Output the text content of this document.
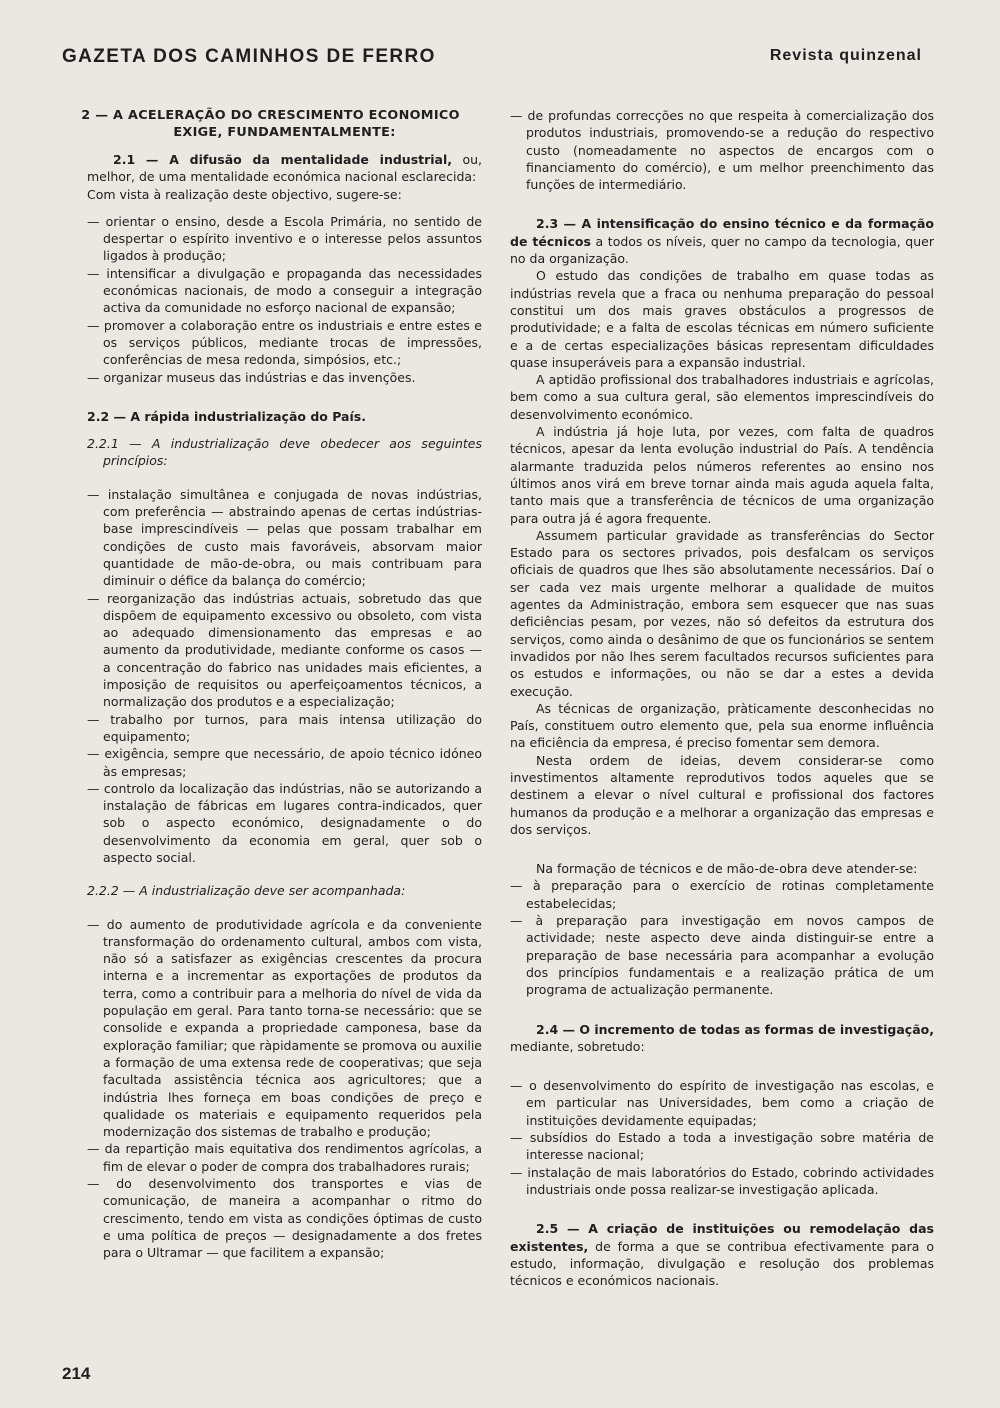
GAZETA DOS CAMINHOS DE FERRO	Revista quinzenal
2 — A ACELERAÇÃO DO CRESCIMENTO ECONOMICO
EXIGE, FUNDAMENTALMENTE:

2.1 — A difusão da mentalidade industrial, ou, melhor, de uma mentalidade económica nacional esclarecida:

Com vista à realização deste objectivo, sugere-se:

— orientar o ensino, desde a Escola Primária, no sentido de despertar o espírito inventivo e o interesse pelos assuntos ligados à produção;

— intensificar a divulgação e propaganda das necessidades económicas nacionais, de modo a conseguir a integração activa da comunidade no esforço nacional de expansão;

— promover a colaboração entre os industriais e entre estes e os serviços públicos, mediante trocas de impressões, conferências de mesa redonda, simpósios, etc.;

— organizar museus das indústrias e das invenções.

2.2 — A rápida industrialização do País.

2.2.1 — A industrialização deve obedecer aos seguintes princípios:

— instalação simultânea e conjugada de novas indústrias, com preferência — abstraindo apenas de certas indústrias-base imprescindíveis — pelas que possam trabalhar em condições de custo mais favoráveis, absorvam maior quantidade de mão-de-obra, ou mais contribuam para diminuir o défice da balança do comércio;

— reorganização das indústrias actuais, sobretudo das que dispõem de equipamento excessivo ou obsoleto, com vista ao adequado dimensionamento das empresas e ao aumento da produtividade, mediante conforme os casos — a concentração do fabrico nas unidades mais eficientes, a imposição de requisitos ou aperfeiçoamentos técnicos, a normalização dos produtos e a especialização;

— trabalho por turnos, para mais intensa utilização do equipamento;

— exigência, sempre que necessário, de apoio técnico idóneo às empresas;

— controlo da localização das indústrias, não se autorizando a instalação de fábricas em lugares contra-indicados, quer sob o aspecto económico, designadamente o do desenvolvimento da economia em geral, quer sob o aspecto social.

2.2.2 — A industrialização deve ser acompanhada:

— do aumento de produtividade agrícola e da conveniente transformação do ordenamento cultural, ambos com vista, não só a satisfazer as exigências crescentes da procura interna e a incrementar as exportações de produtos da terra, como a contribuir para a melhoria do nível de vida da população em geral. Para tanto torna-se necessário: que se consolide e expanda a propriedade camponesa, base da exploração familiar; que ràpidamente se promova ou auxilie a formação de uma extensa rede de cooperativas; que seja facultada assistência técnica aos agricultores; que a indústria lhes forneça em boas condições de preço e qualidade os materiais e equipamento requeridos pela modernização dos sistemas de trabalho e produção;

— da repartição mais equitativa dos rendimentos agrícolas, a fim de elevar o poder de compra dos trabalhadores rurais;

— do desenvolvimento dos transportes e vias de comunicação, de maneira a acompanhar o ritmo do crescimento, tendo em vista as condições óptimas de custo e uma política de preços — designadamente a dos fretes para o Ultramar — que facilitem a expansão;

— de profundas correcções no que respeita à comercialização dos produtos industriais, promovendo-se a redução do respectivo custo (nomeadamente no aspectos de encargos com o financiamento do comércio), e um melhor preenchimento das funções de intermediário.

2.3 — A intensificação do ensino técnico e da formação de técnicos a todos os níveis, quer no campo da tecnologia, quer no da organização.

O estudo das condições de trabalho em quase todas as indústrias revela que a fraca ou nenhuma preparação do pessoal constitui um dos mais graves obstáculos a progressos de produtividade; e a falta de escolas técnicas em número suficiente e a de certas especializações básicas representam dificuldades quase insuperáveis para a expansão industrial.

A aptidão profissional dos trabalhadores industriais e agrícolas, bem como a sua cultura geral, são elementos imprescindíveis do desenvolvimento económico.

A indústria já hoje luta, por vezes, com falta de quadros técnicos, apesar da lenta evolução industrial do País. A tendência alarmante traduzida pelos números referentes ao ensino nos últimos anos virá em breve tornar ainda mais aguda aquela falta, tanto mais que a transferência de técnicos de uma organização para outra já é agora frequente.

Assumem particular gravidade as transferências do Sector Estado para os sectores privados, pois desfalcam os serviços oficiais de quadros que lhes são absolutamente necessários. Daí o ser cada vez mais urgente melhorar a qualidade de muitos agentes da Administração, embora sem esquecer que nas suas deficiências pesam, por vezes, não só defeitos da estrutura dos serviços, como ainda o desânimo de que os funcionários se sentem invadidos por não lhes serem facultados recursos suficientes para os estudos e informações, ou não se dar a estes a devida execução.

As técnicas de organização, pràticamente desconhecidas no País, constituem outro elemento que, pela sua enorme influência na eficiência da empresa, é preciso fomentar sem demora.

Nesta ordem de ideias, devem considerar-se como investimentos altamente reprodutivos todos aqueles que se destinem a elevar o nível cultural e profissional dos factores humanos da produção e a melhorar a organização das empresas e dos serviços.

Na formação de técnicos e de mão-de-obra deve atender-se:

— à preparação para o exercício de rotinas completamente estabelecidas;

— à preparação para investigação em novos campos de actividade; neste aspecto deve ainda distinguir-se entre a preparação de base necessária para acompanhar a evolução dos princípios fundamentais e a realização prática de um programa de actualização permanente.

2.4 — O incremento de todas as formas de investigação, mediante, sobretudo:

— o desenvolvimento do espírito de investigação nas escolas, e em particular nas Universidades, bem como a criação de instituições devidamente equipadas;

— subsídios do Estado a toda a investigação sobre matéria de interesse nacional;

— instalação de mais laboratórios do Estado, cobrindo actividades industriais onde possa realizar-se investigação aplicada.

2.5 — A criação de instituições ou remodelação das existentes, de forma a que se contribua efectivamente para o estudo, informação, divulgação e resolução dos problemas técnicos e económicos nacionais.

214
